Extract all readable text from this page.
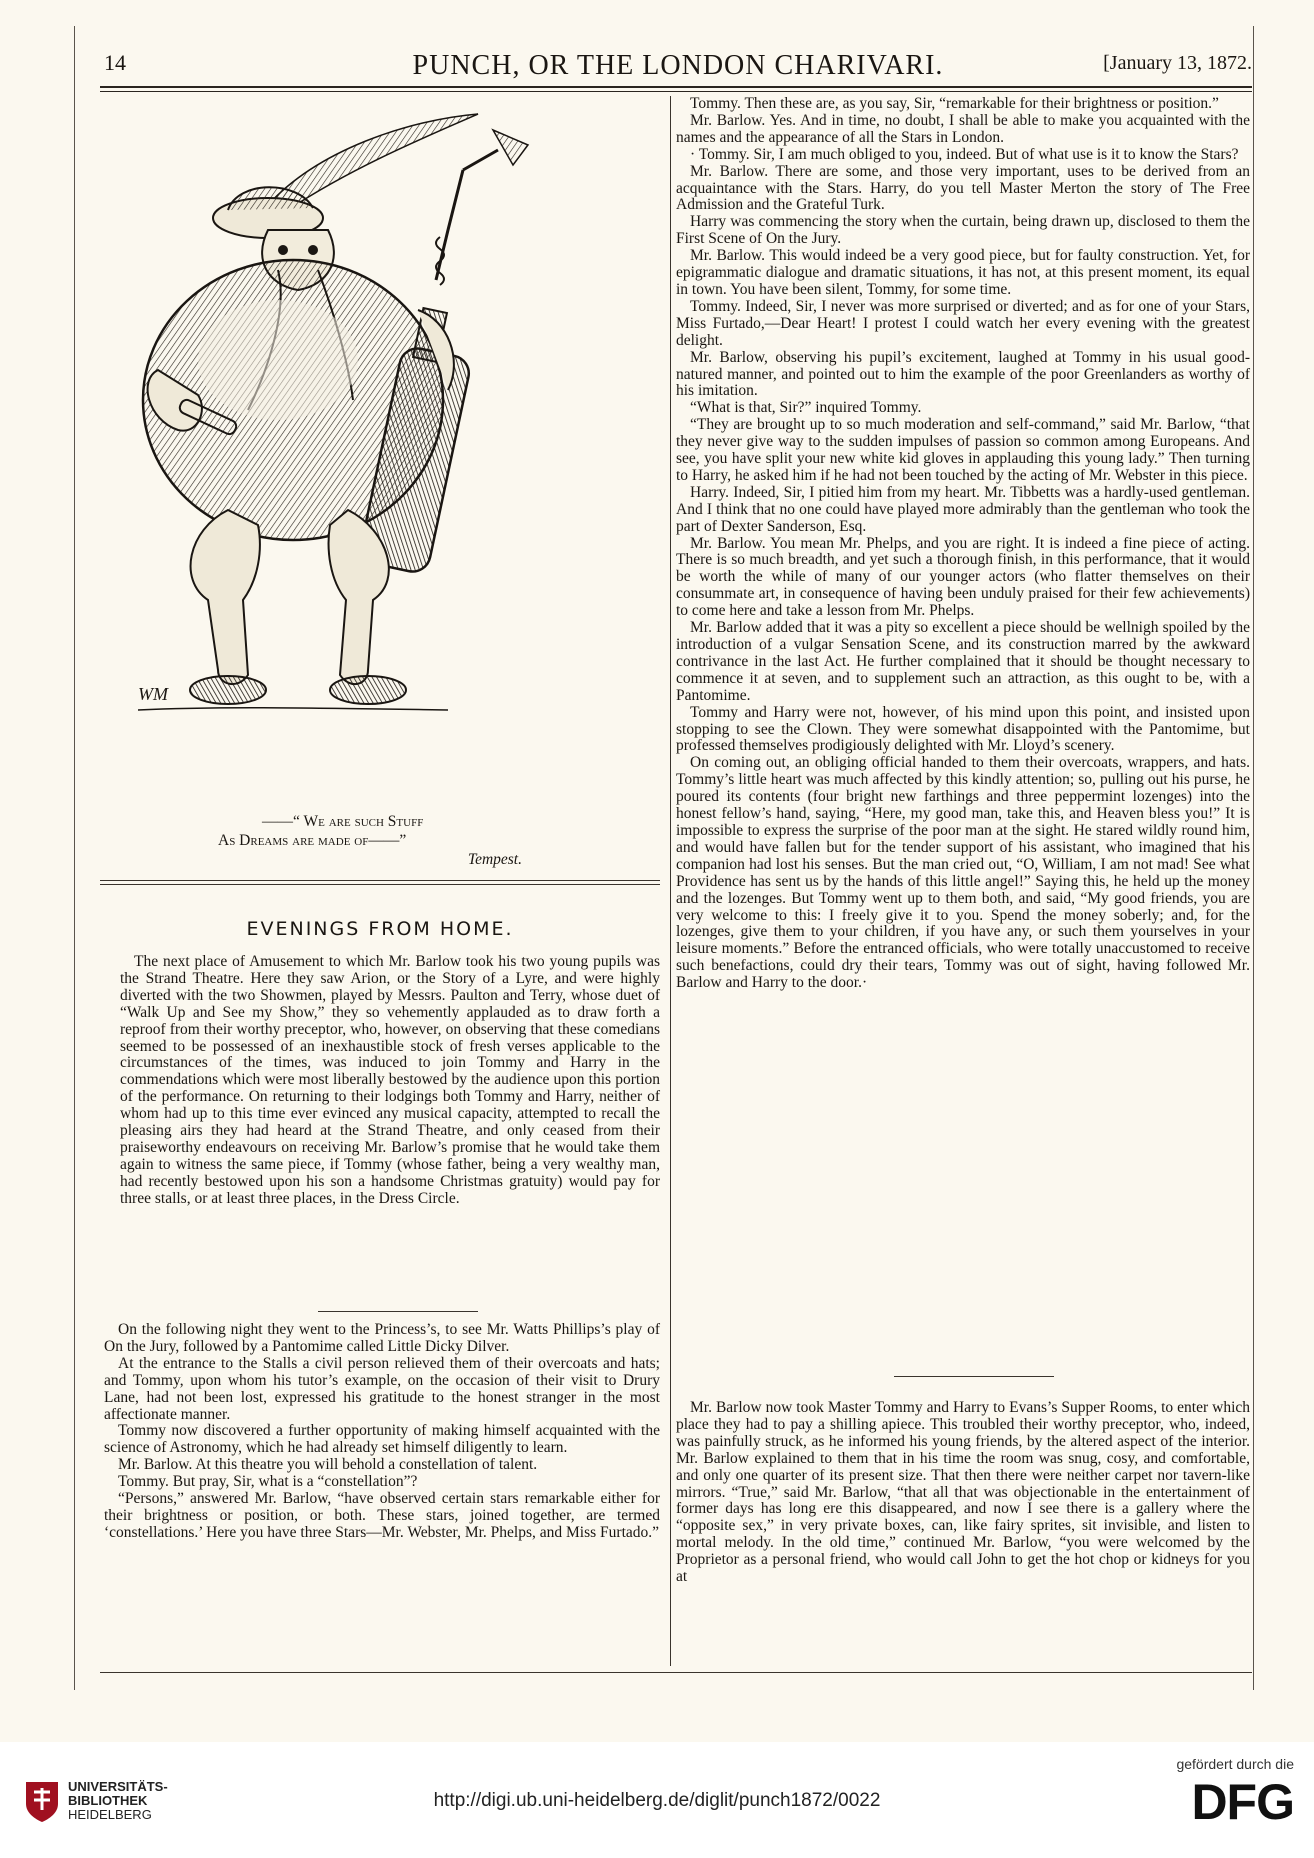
14	PUNCH, OR THE LONDON CHARIVARI.	[January 13, 1872.
WM
——“ We are such Stuff
As Dreams are made of——”
Tempest.
EVENINGS FROM HOME.

The next place of Amusement to which Mr. Barlow took his two young pupils was the Strand Theatre. Here they saw Arion, or the Story of a Lyre, and were highly diverted with the two Showmen, played by Messrs. Paulton and Terry, whose duet of “Walk Up and See my Show,” they so vehemently applauded as to draw forth a reproof from their worthy preceptor, who, however, on observing that these comedians seemed to be possessed of an inexhaustible stock of fresh verses applicable to the circumstances of the times, was induced to join Tommy and Harry in the commendations which were most liberally bestowed by the audience upon this portion of the performance. On returning to their lodgings both Tommy and Harry, neither of whom had up to this time ever evinced any musical capacity, attempted to recall the pleasing airs they had heard at the Strand Theatre, and only ceased from their praiseworthy endeavours on receiving Mr. Barlow’s promise that he would take them again to witness the same piece, if Tommy (whose father, being a very wealthy man, had recently bestowed upon his son a handsome Christmas gratuity) would pay for three stalls, or at least three places, in the Dress Circle.

On the following night they went to the Princess’s, to see Mr. Watts Phillips’s play of On the Jury, followed by a Pantomime called Little Dicky Dilver.

At the entrance to the Stalls a civil person relieved them of their overcoats and hats; and Tommy, upon whom his tutor’s example, on the occasion of their visit to Drury Lane, had not been lost, expressed his gratitude to the honest stranger in the most affectionate manner.

Tommy now discovered a further opportunity of making himself acquainted with the science of Astronomy, which he had already set himself diligently to learn.

Mr. Barlow. At this theatre you will behold a constellation of talent.

Tommy. But pray, Sir, what is a “constellation”?

“Persons,” answered Mr. Barlow, “have observed certain stars remarkable either for their brightness or position, or both. These stars, joined together, are termed ‘constellations.’ Here you have three Stars—Mr. Webster, Mr. Phelps, and Miss Furtado.”

Tommy. Then these are, as you say, Sir, “remarkable for their brightness or position.”

Mr. Barlow. Yes. And in time, no doubt, I shall be able to make you acquainted with the names and the appearance of all the Stars in London.

· Tommy. Sir, I am much obliged to you, indeed. But of what use is it to know the Stars?

Mr. Barlow. There are some, and those very important, uses to be derived from an acquaintance with the Stars. Harry, do you tell Master Merton the story of The Free Admission and the Grateful Turk.

Harry was commencing the story when the curtain, being drawn up, disclosed to them the First Scene of On the Jury.

Mr. Barlow. This would indeed be a very good piece, but for faulty construction. Yet, for epigrammatic dialogue and dramatic situations, it has not, at this present moment, its equal in town. You have been silent, Tommy, for some time.

Tommy. Indeed, Sir, I never was more surprised or diverted; and as for one of your Stars, Miss Furtado,—Dear Heart! I protest I could watch her every evening with the greatest delight.

Mr. Barlow, observing his pupil’s excitement, laughed at Tommy in his usual good-natured manner, and pointed out to him the example of the poor Greenlanders as worthy of his imitation.

“What is that, Sir?” inquired Tommy.

“They are brought up to so much moderation and self-command,” said Mr. Barlow, “that they never give way to the sudden impulses of passion so common among Europeans. And see, you have split your new white kid gloves in applauding this young lady.” Then turning to Harry, he asked him if he had not been touched by the acting of Mr. Webster in this piece.

Harry. Indeed, Sir, I pitied him from my heart. Mr. Tibbetts was a hardly-used gentleman. And I think that no one could have played more admirably than the gentleman who took the part of Dexter Sanderson, Esq.

Mr. Barlow. You mean Mr. Phelps, and you are right. It is indeed a fine piece of acting. There is so much breadth, and yet such a thorough finish, in this performance, that it would be worth the while of many of our younger actors (who flatter themselves on their consummate art, in consequence of having been unduly praised for their few achievements) to come here and take a lesson from Mr. Phelps.

Mr. Barlow added that it was a pity so excellent a piece should be wellnigh spoiled by the introduction of a vulgar Sensation Scene, and its construction marred by the awkward contrivance in the last Act. He further complained that it should be thought necessary to commence it at seven, and to supplement such an attraction, as this ought to be, with a Pantomime.

Tommy and Harry were not, however, of his mind upon this point, and insisted upon stopping to see the Clown. They were somewhat disappointed with the Pantomime, but professed themselves prodigiously delighted with Mr. Lloyd’s scenery.

On coming out, an obliging official handed to them their overcoats, wrappers, and hats. Tommy’s little heart was much affected by this kindly attention; so, pulling out his purse, he poured its contents (four bright new farthings and three peppermint lozenges) into the honest fellow’s hand, saying, “Here, my good man, take this, and Heaven bless you!” It is impossible to express the surprise of the poor man at the sight. He stared wildly round him, and would have fallen but for the tender support of his assistant, who imagined that his companion had lost his senses. But the man cried out, “O, William, I am not mad! See what Providence has sent us by the hands of this little angel!” Saying this, he held up the money and the lozenges. But Tommy went up to them both, and said, “My good friends, you are very welcome to this: I freely give it to you. Spend the money soberly; and, for the lozenges, give them to your children, if you have any, or such them yourselves in your leisure moments.” Before the entranced officials, who were totally unaccustomed to receive such benefactions, could dry their tears, Tommy was out of sight, having followed Mr. Barlow and Harry to the door.·

Mr. Barlow now took Master Tommy and Harry to Evans’s Supper Rooms, to enter which place they had to pay a shilling apiece. This troubled their worthy preceptor, who, indeed, was painfully struck, as he informed his young friends, by the altered aspect of the interior. Mr. Barlow explained to them that in his time the room was snug, cosy, and comfortable, and only one quarter of its present size. That then there were neither carpet nor tavern-like mirrors. “True,” said Mr. Barlow, “that all that was objectionable in the entertainment of former days has long ere this disappeared, and now I see there is a gallery where the “opposite sex,” in very private boxes, can, like fairy sprites, sit invisible, and listen to mortal melody. In the old time,” continued Mr. Barlow, “you were welcomed by the Proprietor as a personal friend, who would call John to get the hot chop or kidneys for you at

UNIVERSITÄTS-
BIBLIOTHEK
HEIDELBERG
http://digi.ub.uni-heidelberg.de/diglit/punch1872/0022
gefördert durch die
DFG
